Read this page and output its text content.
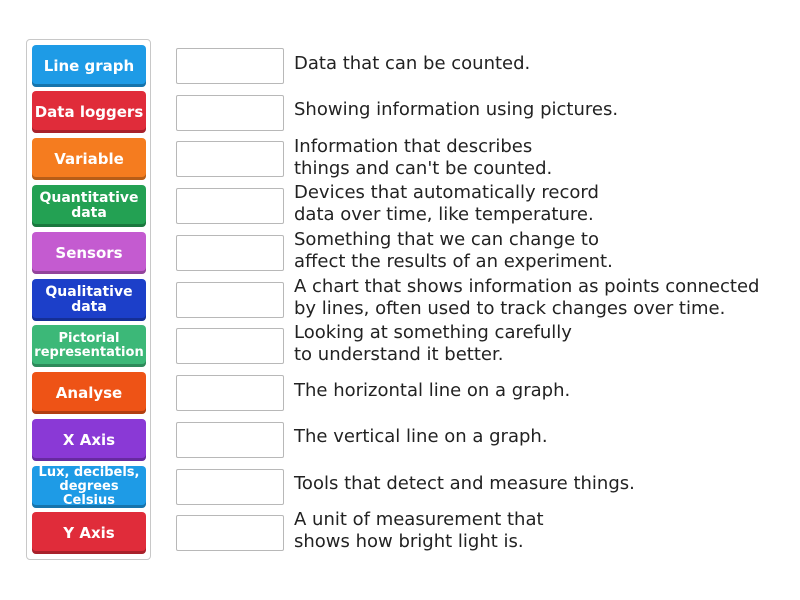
Line graph
Data loggers
Variable
Quantitative data
Sensors
Qualitative data
Pictorial representation
Analyse
X Axis
Lux, decibels, degrees Celsius
Y Axis
Data that can be counted.
Showing information using pictures.
Information that describes
things and can't be counted.
Devices that automatically record
data over time, like temperature.
Something that we can change to
affect the results of an experiment.
A chart that shows information as points connected
by lines, often used to track changes over time.
Looking at something carefully
to understand it better.
The horizontal line on a graph.
The vertical line on a graph.
Tools that detect and measure things.
A unit of measurement that
shows how bright light is.
